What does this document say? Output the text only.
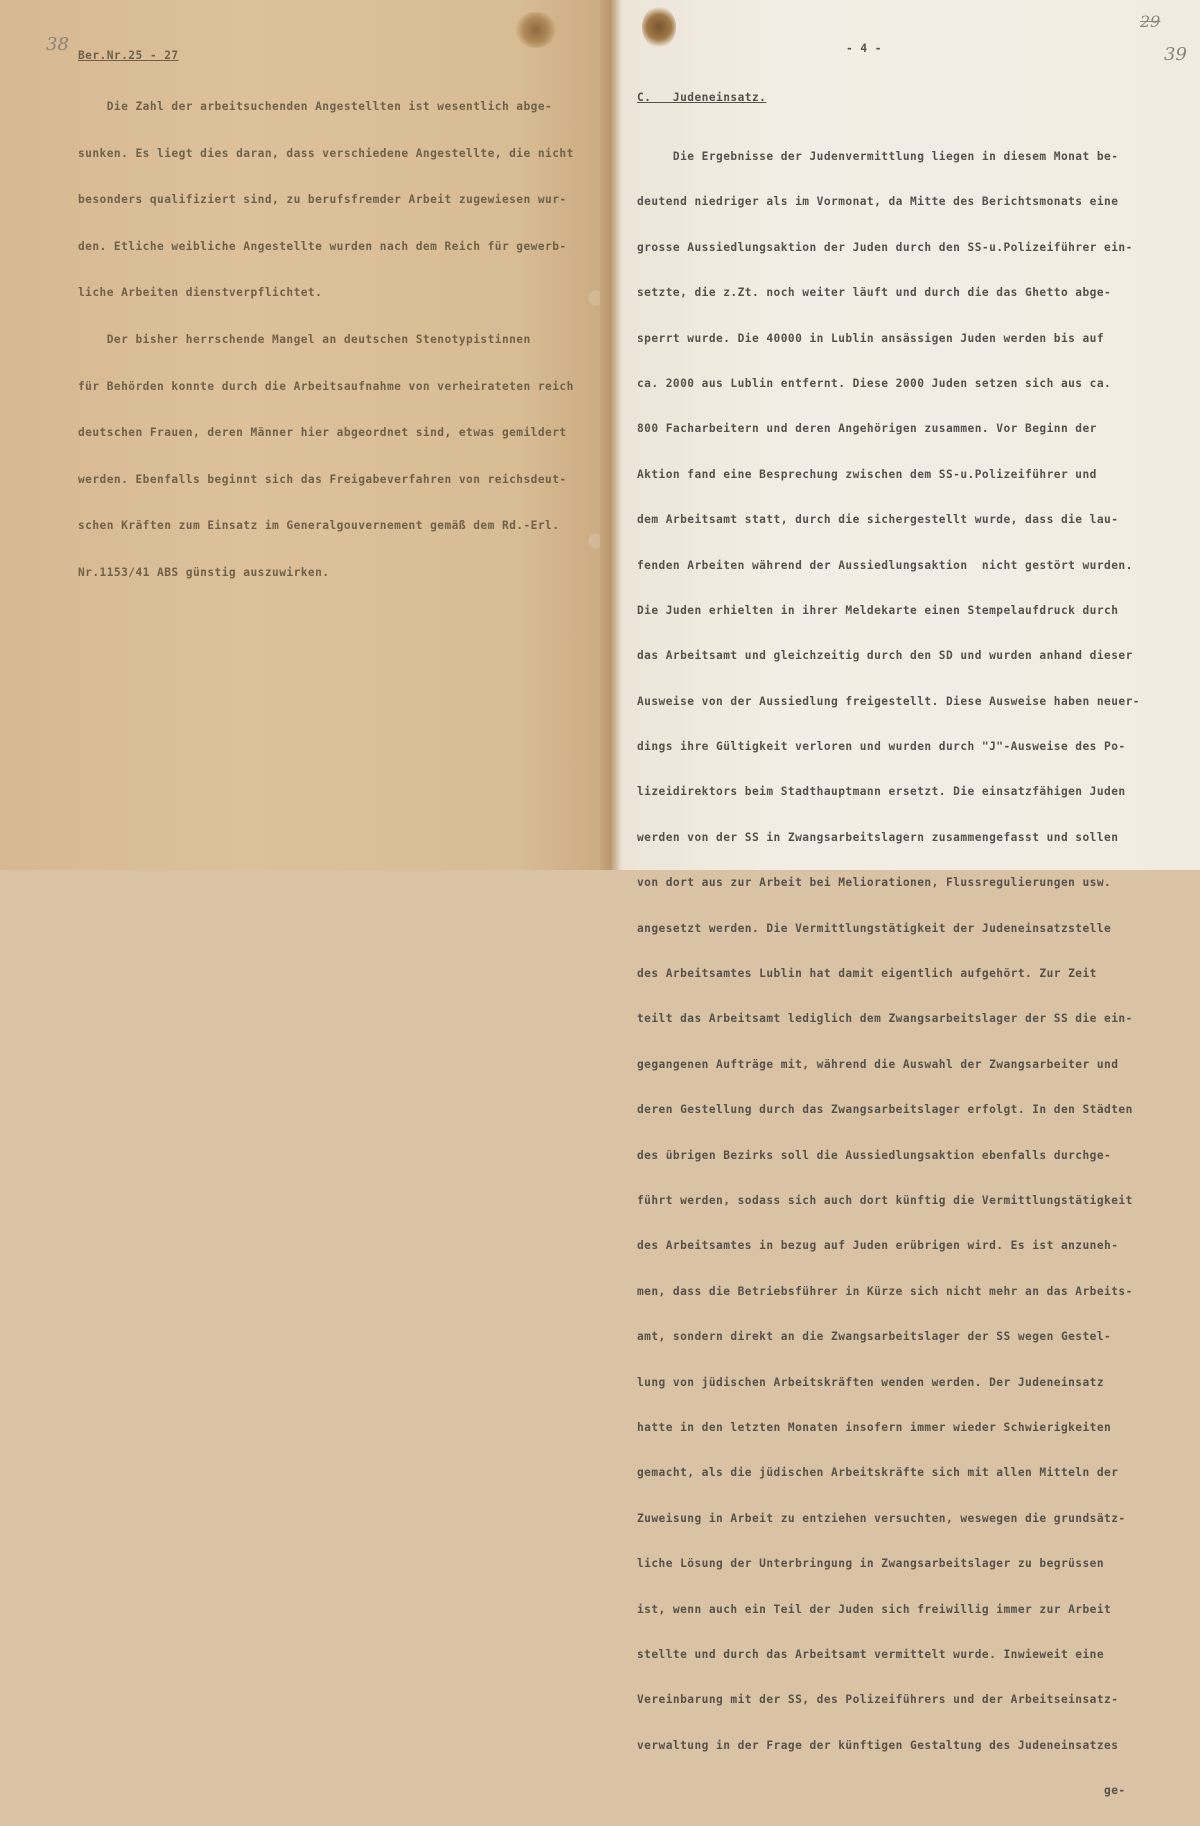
38
Ber.Nr.25 - 27

Die Zahl der arbeitsuchenden Angestellten ist wesentlich abge-

sunken. Es liegt dies daran, dass verschiedene Angestellte, die nicht

besonders qualifiziert sind, zu berufsfremder Arbeit zugewiesen wur-

den. Etliche weibliche Angestellte wurden nach dem Reich für gewerb-

liche Arbeiten dienstverpflichtet.

Der bisher herrschende Mangel an deutschen Stenotypistinnen

für Behörden konnte durch die Arbeitsaufnahme von verheirateten reich

deutschen Frauen, deren Männer hier abgeordnet sind, etwas gemildert

werden. Ebenfalls beginnt sich das Freigabeverfahren von reichsdeut-

schen Kräften zum Einsatz im Generalgouvernement gemäß dem Rd.-Erl.

Nr.1153/41 ABS günstig auszuwirken.

- 4 -
29
39
C.   Judeneinsatz.

Die Ergebnisse der Judenvermittlung liegen in diesem Monat be-

deutend niedriger als im Vormonat, da Mitte des Berichtsmonats eine

grosse Aussiedlungsaktion der Juden durch den SS-u.Polizeiführer ein-

setzte, die z.Zt. noch weiter läuft und durch die das Ghetto abge-

sperrt wurde. Die 40000 in Lublin ansässigen Juden werden bis auf

ca. 2000 aus Lublin entfernt. Diese 2000 Juden setzen sich aus ca.

800 Facharbeitern und deren Angehörigen zusammen. Vor Beginn der

Aktion fand eine Besprechung zwischen dem SS-u.Polizeiführer und

dem Arbeitsamt statt, durch die sichergestellt wurde, dass die lau-

fenden Arbeiten während der Aussiedlungsaktion  nicht gestört wurden.

Die Juden erhielten in ihrer Meldekarte einen Stempelaufdruck durch

das Arbeitsamt und gleichzeitig durch den SD und wurden anhand dieser

Ausweise von der Aussiedlung freigestellt. Diese Ausweise haben neuer-

dings ihre Gültigkeit verloren und wurden durch "J"-Ausweise des Po-

lizeidirektors beim Stadthauptmann ersetzt. Die einsatzfähigen Juden

werden von der SS in Zwangsarbeitslagern zusammengefasst und sollen

von dort aus zur Arbeit bei Meliorationen, Flussregulierungen usw.

angesetzt werden. Die Vermittlungstätigkeit der Judeneinsatzstelle

des Arbeitsamtes Lublin hat damit eigentlich aufgehört. Zur Zeit

teilt das Arbeitsamt lediglich dem Zwangsarbeitslager der SS die ein-

gegangenen Aufträge mit, während die Auswahl der Zwangsarbeiter und

deren Gestellung durch das Zwangsarbeitslager erfolgt. In den Städten

des übrigen Bezirks soll die Aussiedlungsaktion ebenfalls durchge-

führt werden, sodass sich auch dort künftig die Vermittlungstätigkeit

des Arbeitsamtes in bezug auf Juden erübrigen wird. Es ist anzuneh-

men, dass die Betriebsführer in Kürze sich nicht mehr an das Arbeits-

amt, sondern direkt an die Zwangsarbeitslager der SS wegen Gestel-

lung von jüdischen Arbeitskräften wenden werden. Der Judeneinsatz

hatte in den letzten Monaten insofern immer wieder Schwierigkeiten

gemacht, als die jüdischen Arbeitskräfte sich mit allen Mitteln der

Zuweisung in Arbeit zu entziehen versuchten, weswegen die grundsätz-

liche Lösung der Unterbringung in Zwangsarbeitslager zu begrüssen

ist, wenn auch ein Teil der Juden sich freiwillig immer zur Arbeit

stellte und durch das Arbeitsamt vermittelt wurde. Inwieweit eine

Vereinbarung mit der SS, des Polizeiführers und der Arbeitseinsatz-

verwaltung in der Frage der künftigen Gestaltung des Judeneinsatzes

ge-
